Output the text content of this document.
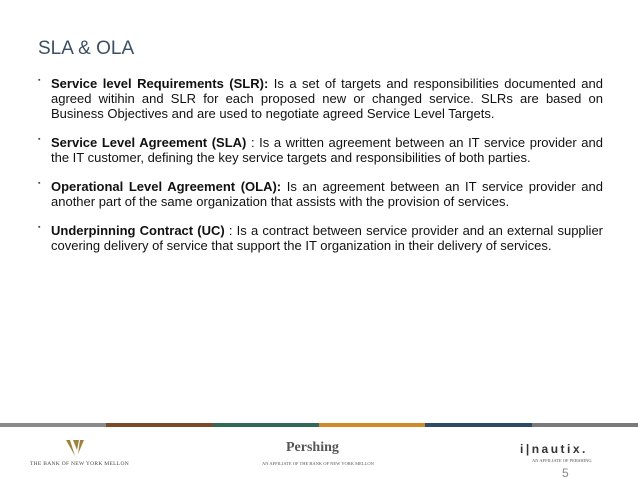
SLA & OLA
▪ Service level Requirements (SLR): Is a set of targets and responsibilities documented and agreed witihin and SLR for each proposed new or changed service. SLRs are based on Business Objectives and are used to negotiate agreed Service Level Targets.
▪ Service Level Agreement (SLA) : Is a written agreement between an IT service provider and the IT customer, defining the key service targets and responsibilities of both parties.
▪ Operational Level Agreement (OLA): Is an agreement between an IT service provider and another part of the same organization that assists with the provision of services.
▪ Underpinning Contract (UC) : Is a contract between service provider and an external supplier covering delivery of service that support the IT organization in their delivery of services.
THE BANK OF NEW YORK MELLON
Pershing
AN AFFILIATE OF THE BANK OF NEW YORK MELLON
i|nautix.
AN AFFILIATE OF PERSHING
5
